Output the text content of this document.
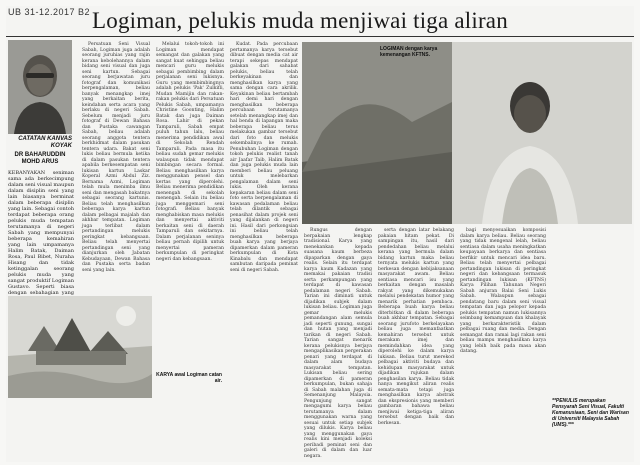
UB 31-12.2017 B2 Logiman, pelukis muda menjiwai tiga aliran
CATATAN KANVAS KOYAK
DR BAHARUDDIN
MOHD ARUS
KEBANYAKAN seniman sama ada berkecimpung dalam seni visual maupun dalam disiplin seni yang lain biasanya berminat dalam beberapa disiplin yang lain. Sebagai contoh terdapat beberapa orang pelukis muda tempatan terutamanya di negeri Sabah yang mempunyai beberapa kemahiran yang lain umpamanya Halim Batak, Daiman Rosa, Paul Bibet, Nuraha Hisang dan tidak ketinggalan seorang pelukis muda yang sangat produktif Logiman Gustavo. Seperti biasa dengan sebahagian yang

Persatuan Seni Visual Sabah, Logiman juga adalah seorang juruhias yang rajin kerana kebolehannya dalam bidang seni visual dan juga seni kartun. Sebagai seorang berjawatan juru fotograf dan komunikasi berpengalaman, beliau banyak menangkap imej yang berkaitan berita, keindahan serta acara yang berlaku di negeri Sabah. Sebelum menjadi juru fotograf di Dewan Bahasa dan Pustaka cawangan Sabah, beliau adalah seorang anggota tentera berkhidmat dalam pasukan tentera udara. Bakat seni lukis beliau bermula ketika di dalam pasukan tentera apabila berkesempatan seni lukisan kartun Laskar Koperal Azmi Abdul Ziz. Bernama Azmi, Logiman telah mula menimba ilmu seni dan mengasah bakatnya sebagai seorang kartunis. Beliau telah menghasilkan beberapa karya kartun dalam pelbagai majalah dan akhbar tempatan. Logiman juga terlibat dalam pertandingan melukis peringkat kebangsaan. Beliau telah menyertai pertandingan seni yang dianjurkan oleh Jabatan Kebudayaan, Dewan Bahasa dan Pustaka serta badan seni yang lain.

Melalui tokoh-tokoh ini Logiman mendapat semangat dan galakan yang sangat kuat sehingga beliau mencari guru melukis sebagai pembimbing dalam perjalanan seni lukisnya. Guru yang membimbingnya adalah pelukis 'Pak' Zulkifli, Mudan Mamijin dan rakan-rakan pelukis dari Persatuan Pelukis Sabah, umpamanya Christine Goonting, Halim Batak dan juga Daiman Rosa. Lahir di pekan Tamparuli, Sabah empat puluh tahun lalu, beliau menerima pendidikan awal di Sekolah Rendah Tamparuli. Pada masa itu beliau sudah gemar melukis walaupun tidak mendapat bimbingan secara formal. Beliau menghasilkan karya menggunakan pensel dan kertas yang diperolehi. Beliau menerima pendidikan menengah di sekolah menengah. Selain itu beliau juga menggemari seni fotografi. Beliau banyak menghabiskan masa melukis dan menyertai aktiviti berkaitan seni di daerah Tamparuli dan sekitarnya. Dalam perjalanan seninya beliau pernah dipilih untuk menyertai pameran berkumpulan di peringkat negeri dan kebangsaan.

Kudat. Pada percubaan pertamanya karya tersebut dibuat dengan media cat air terapi sekepas mendapat galakan dari sahabat pelukis, beliau telah berkeyakinan dan menghasilkan karya yang sama dengan cara akrilik. Keyakinan beliau bertambah hari demi hari dengan menghasilkan beberapa percubaan terutamanya setelah menangkap imej dan hal benda di lapangan maka beberapa beliau terus melakukan gambar tersebut dari foto dan melukis sekembalinya ke rumah. Penubuhan Logiman dengan tokoh pelukis realist tanah air Jaafar Taib, Halim Batak dan juga pelukis muda lain memberi beliau peluang untuk melebarkan pengalaman dalam seni lukis. Oleh kerana kepakaran beliau dalam seni foto serta berpengalaman di kawasan pedalaman beliau telah dilantik sebagai penasihat dalam projek seni yang dijalankan di negeri ini. Hasil dari perkongsian ini beliau telah menghasilkan beberapa buah karya yang berjaya dipamerkan dalam pameran berkumpulan di Kota Kinabalu dan mendapat sambutan daripada peminat seni di negeri Sabah.

KARYA awal Logiman catan air.

LOGIMAN dengan karya kemenangan KFTNS.

Rungus dengan berpakaian lengkap tradisional. Karya yang menekankan kepada suasana kaum berbeza dipaparkan dengan gaya realis. Selain itu terdapat karya kaum Kadazan yang memakai pakaian tradisi serta perkampungan yang terdapat di kawasan pedalaman negeri Sabah. Tarian ini diminati untuk dijadikan subjek dalam lukisan beliau. Logiman juga gemar melukis pemandangan alam semula jadi seperti gunung, sungai dan hutan yang menjadi tarikan di negeri Sabah. Tarian sangat menarik kerana pelukisnya berjaya mengaplikasikan pergerakan penari yang terdapat di dalam alam budaya masyarakat tempatan. Lukisan beliau sering dipamerkan di pameran berkumpulan, bukan sahaja di Sabah malahan juga di Semenanjung Malaysia. Pengunjung sangat mengagumi karya beliau terutamanya dalam menggunakan warna yang sesuai untuk setiap subjek yang dilukis. Karya beliau yang menggunakan gaya realis kini menjadi koleksi peribadi peminat seni dan galeri di dalam dan luar negara.

serta dengan latar belakang pakaian hitam pekat. Di sampingan itu, hasil dari pendedahan beliau melalui kerana yang bermula dalam bidang kartun maka beliau ternyata melukis kartun yang berkesan dengan kebijaksanaan masyarakat awam. Beliau sentiasa mencari isu yang berkaitan dengan masalah rakyat yang dikemukakan melalui pendekatan humor yang menarik perhatian pembaca. Beberapa buah karya beliau diterbitkan di dalam beberapa buah akhbar tempatan. Sebagai seorang jurufoto berkelayakan beliau juga memanfaatkan kemahiran tersebut untuk merakam imej dan memindahkan idea yang diperolehi ke dalam karya lukisan. Beliau turut merekod pelbagai aktiviti budaya dan kehidupan masyarakat untuk dijadikan rujukan dalam penghasilan karya. Beliau tidak hanya mengikut aliran realis semata-mata tetapi juga menghasilkan karya abstrak dan ekspresionis yang memberi gambaran bahawa beliau menjiwai ketiga-tiga aliran tersebut dengan baik dan berkesan.

bagi menyesuaikan komposisi dalam karya beliau. Beliau seorang yang tidak mengenal lelah, beliau sentiasa dalam usaha meningkatkan keupayaan berkarya dan sentiasa berfikir untuk mencari idea baru. Beliau telah menyertai pelbagai pertandingan lukisan di peringkat negeri dan kebangsaan termasuk pertandingan lukisan (KFTNS) Karya Pilihan Tahunan Negeri Sabah anjuran Balai Seni Lukis Sabah. Walaupun sebagai pendatang baru dalam seni visual tempatan dan juga pelopor kepada pelukis tempatan namun lukisannya seimbang kemampuan dan khalayak yang berkarakteristik dalam pelbagai ruang dan media. Dengan semangat dan ramai lagi rakan seni beliau mampu menghasilkan karya yang lebih baik pada masa akan datang.

**PENULIS merupakan Pensyarah Seni Visual, Fakulti Kemanusiaan, Seni dan Warisan di Universiti Malaysia Sabah (UMS).***
